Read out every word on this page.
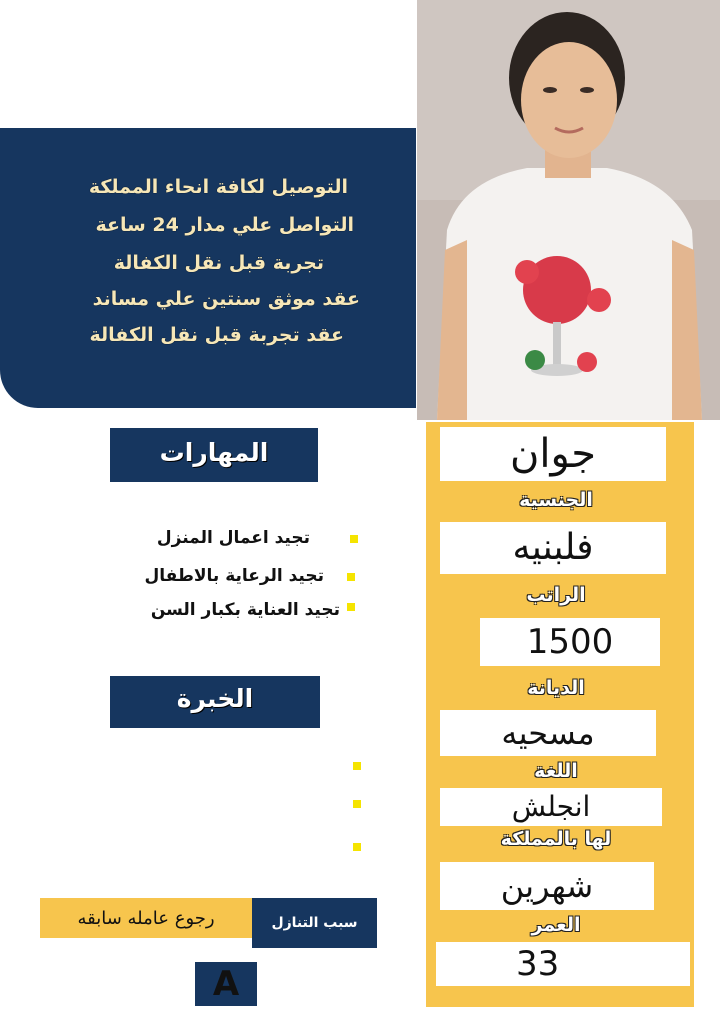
التوصيل لكافة انحاء المملكة
التواصل علي مدار 24 ساعة
تجربة قبل نقل الكفالة
عقد موثق سنتين علي مساند
عقد تجربة قبل نقل الكفالة
جوان
الجنسية
فلبنيه
الراتب
1500
الديانة
مسحيه
اللغة
انجلش
لها بالمملكة
شهرين
العمر
33
المهارات
تجيد اعمال المنزل
تجيد الرعاية بالاطفال
تجيد العناية بكبار السن
الخبرة
سبب التنازل
رجوع عامله سابقه
A
